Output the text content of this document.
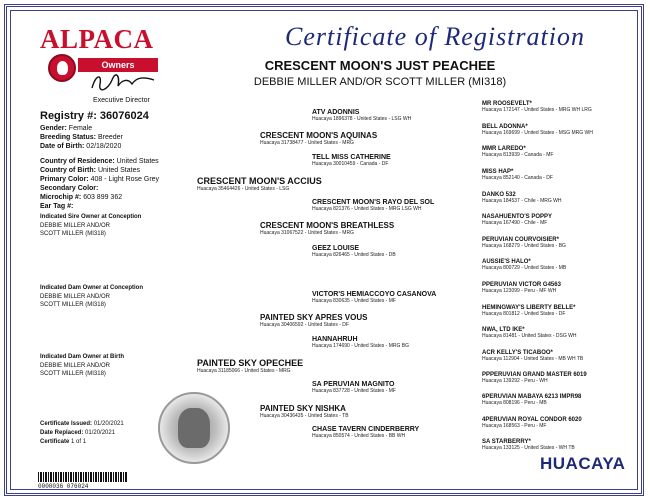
ALPACA
Owners Association Inc
Executive Director
Certificate of Registration
CRESCENT MOON'S JUST PEACHEE
DEBBIE MILLER AND/OR SCOTT MILLER (MI318)
Registry #: 36076024
Gender: Female
Breeding Status: Breeder
Date of Birth: 02/18/2020
Country of Residence: United States
Country of Birth: United States
Primary Color: 408 - Light Rose Grey
Secondary Color:
Microchip #: 603 899 362
Ear Tag #:
Indicated Sire Owner at Conception
DEBBIE MILLER AND/OR
SCOTT MILLER (MI318)
Indicated Dam Owner at Conception
DEBBIE MILLER AND/OR
SCOTT MILLER (MI318)
Indicated Dam Owner at Birth
DEBBIE MILLER AND/OR
SCOTT MILLER (MI318)
Certificate Issued: 01/20/2021
Date Replaced: 01/20/2021
Certificate 1 of 1
0000036 076024
CRESCENT MOON'S ACCIUS
Huacaya 35464426 - United States - LSG
PAINTED SKY OPECHEE
Huacaya 31185066 - United States - MRG
CRESCENT MOON'S AQUINAS
Huacaya 31738477 - United States - MRG
CRESCENT MOON'S BREATHLESS
Huacaya 31067522 - United States - MRG
PAINTED SKY APRES VOUS
Huacaya 30406592 - United States - DF
PAINTED SKY NISHKA
Huacaya 30436435 - United States - TB
ATV ADONNIS
Huacaya 1896378 - United States - LSG WH
TELL MISS CATHERINE
Huacaya 30010459 - Canada - DF
CRESCENT MOON'S RAYO DEL SOL
Huacaya 821376 - United States - MRG LSG WH
GEEZ LOUISE
Huacaya 826465 - United States - DB
VICTOR'S HEMIACCOYO CASANOVA
Huacaya 830635 - United States - MF
HANNAHRUH
Huacaya 174690 - United States - MRG BG
SA PERUVIAN MAGNITO
Huacaya 837728 - United States - MF
CHASE TAVERN CINDERBERRY
Huacaya 850574 - United States - BB WH
MR ROOSEVELT*
Huacaya 172147 - United States - MRG WH LRG
BELL ADONNA*
Huacaya 169699 - United States - MSG MRG WH
MMR LAREDO*
Huacaya 813939 - Canada - MF
MISS HAP*
Huacaya 852140 - Canada - DF
DANKO 532
Huacaya 184537 - Chile - MRG WH
NASAHUENTO'S POPPY
Huacaya 167490 - Chile - MF
PERUVIAN COURVOISIER*
Huacaya 168279 - United States - BG
AUSSIE'S HALO*
Huacaya 800729 - United States - MB
PPERUVIAN VICTOR G4563
Huacaya 123099 - Peru - MF WH
HEMINGWAY'S LIBERTY BELLE*
Huacaya 801812 - United States - DF
NWA, LTD IKE*
Huacaya 81481 - United States - DSG WH
ACR KELLY'S TICABOO*
Huacaya 112904 - United States - MB WH TB
PPPERUVIAN GRAND MASTER 6019
Huacaya 139292 - Peru - WH
6PERUVIAN MABAYA 6213 IMPR98
Huacaya 808196 - Peru - MB
4PERUVIAN ROYAL CONDOR 6020
Huacaya 168563 - Peru - MF
SA STARBERRY*
Huacaya 133125 - United States - WH TB
HUACAYA
